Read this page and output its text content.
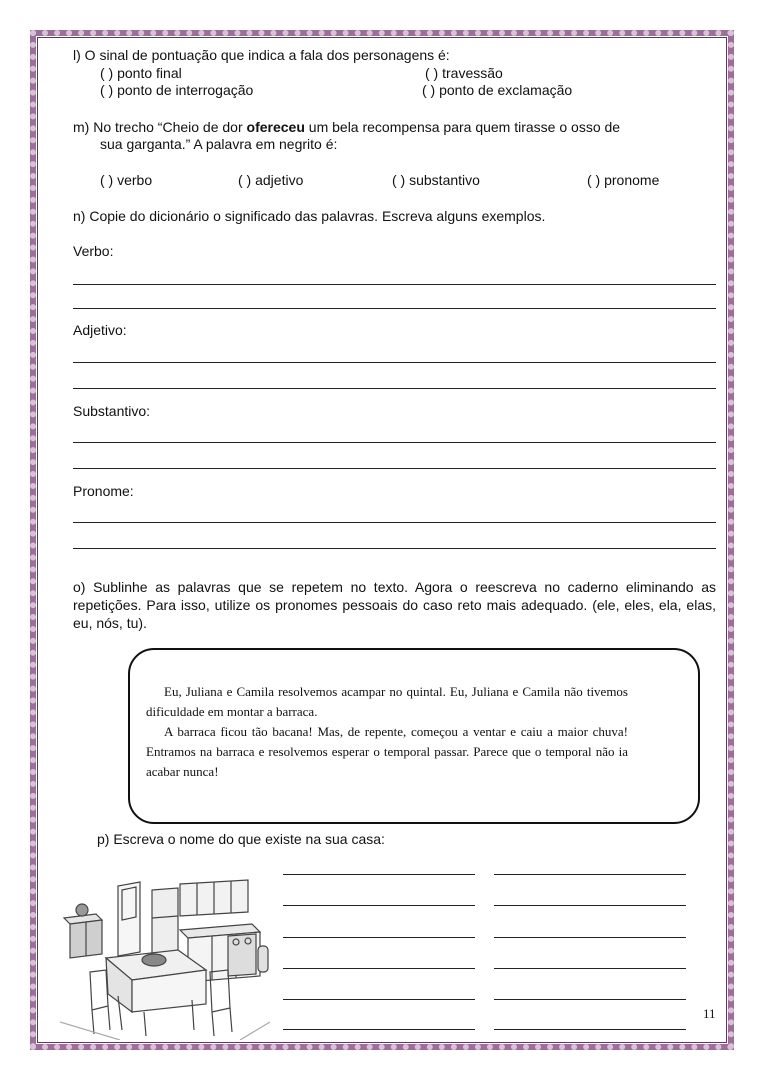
l) O sinal de pontuação que indica a fala dos personagens é:
( ) ponto final	( ) travessão
( ) ponto de interrogação	( ) ponto de exclamação
m) No trecho “Cheio de dor ofereceu um bela recompensa para quem tirasse o osso de
sua garganta.” A palavra em negrito é:
( ) verbo	( ) adjetivo	( ) substantivo	( ) pronome
n) Copie do dicionário o significado das palavras. Escreva alguns exemplos.
Verbo:
Adjetivo:
Substantivo:
Pronome:
o) Sublinhe as palavras que se repetem no texto. Agora o reescreva no caderno eliminando as repetições. Para isso, utilize os pronomes pessoais do caso reto mais adequado. (ele, eles, ela, elas, eu, nós, tu).

Eu, Juliana e Camila resolvemos acampar no quintal. Eu, Juliana e Camila não tivemos dificuldade em montar a barraca.

A barraca ficou tão bacana! Mas, de repente, começou a ventar e caiu a maior chuva! Entramos na barraca e resolvemos esperar o temporal passar. Parece que o temporal não ia acabar nunca!

p) Escreva o nome do que existe na sua casa:
11
